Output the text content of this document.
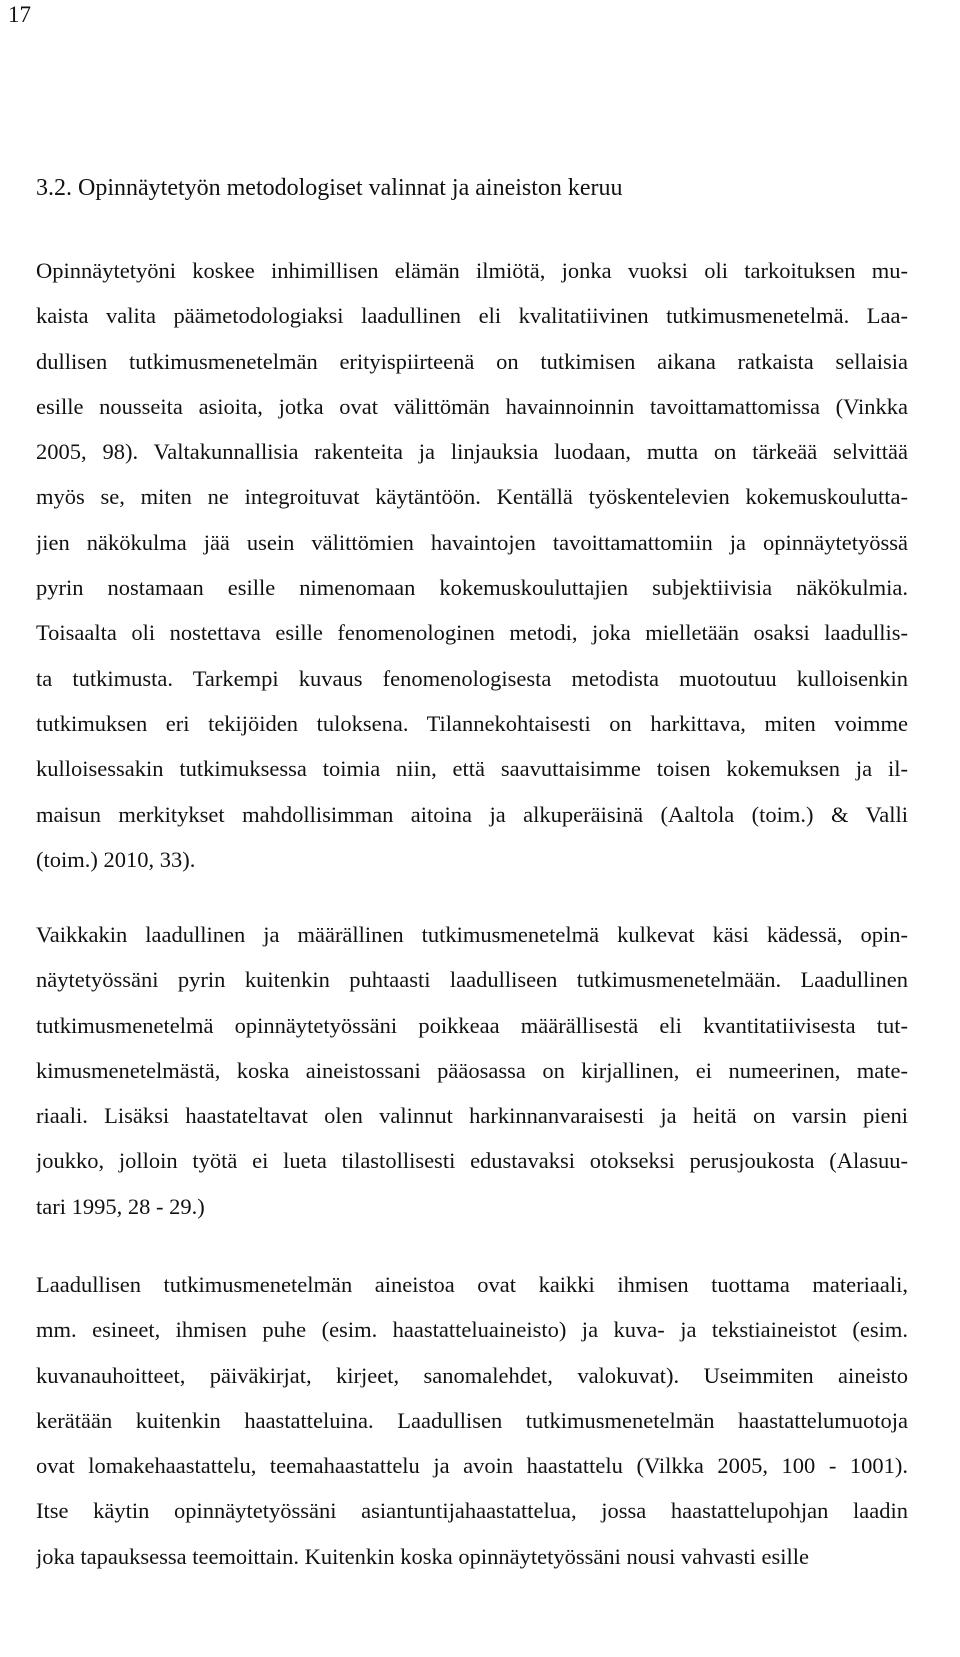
17
3.2. Opinnäytetyön metodologiset valinnat ja aineiston keruu
Opinnäytetyöni koskee inhimillisen elämän ilmiötä, jonka vuoksi oli tarkoituksen mu-
kaista valita päämetodologiaksi laadullinen eli kvalitatiivinen tutkimusmenetelmä. Laa-
dullisen tutkimusmenetelmän erityispiirteenä on tutkimisen aikana ratkaista sellaisia
esille nousseita asioita, jotka ovat välittömän havainnoinnin tavoittamattomissa (Vinkka
2005, 98). Valtakunnallisia rakenteita ja linjauksia luodaan, mutta on tärkeää selvittää
myös se, miten ne integroituvat käytäntöön. Kentällä työskentelevien kokemuskoulutta-
jien näkökulma jää usein välittömien havaintojen tavoittamattomiin ja opinnäytetyössä
pyrin nostamaan esille nimenomaan kokemuskouluttajien subjektiivisia näkökulmia.
Toisaalta oli nostettava esille fenomenologinen metodi, joka mielletään osaksi laadullis-
ta tutkimusta. Tarkempi kuvaus fenomenologisesta metodista muotoutuu kulloisenkin
tutkimuksen eri tekijöiden tuloksena. Tilannekohtaisesti on harkittava, miten voimme
kulloisessakin tutkimuksessa toimia niin, että saavuttaisimme toisen kokemuksen ja il-
maisun merkitykset mahdollisimman aitoina ja alkuperäisinä (Aaltola (toim.) & Valli
(toim.) 2010, 33).
Vaikkakin laadullinen ja määrällinen tutkimusmenetelmä kulkevat käsi kädessä, opin-
näytetyössäni pyrin kuitenkin puhtaasti laadulliseen tutkimusmenetelmään. Laadullinen
tutkimusmenetelmä opinnäytetyössäni poikkeaa määrällisestä eli kvantitatiivisesta tut-
kimusmenetelmästä, koska aineistossani pääosassa on kirjallinen, ei numeerinen, mate-
riaali. Lisäksi haastateltavat olen valinnut harkinnanvaraisesti ja heitä on varsin pieni
joukko, jolloin työtä ei lueta tilastollisesti edustavaksi otokseksi perusjoukosta (Alasuu-
tari 1995, 28 - 29.)
Laadullisen tutkimusmenetelmän aineistoa ovat kaikki ihmisen tuottama materiaali,
mm. esineet, ihmisen puhe (esim. haastatteluaineisto) ja kuva- ja tekstiaineistot (esim.
kuvanauhoitteet, päiväkirjat, kirjeet, sanomalehdet, valokuvat). Useimmiten aineisto
kerätään kuitenkin haastatteluina. Laadullisen tutkimusmenetelmän haastattelumuotoja
ovat lomakehaastattelu, teemahaastattelu ja avoin haastattelu (Vilkka 2005, 100 - 1001).
Itse käytin opinnäytetyössäni asiantuntijahaastattelua, jossa haastattelupohjan laadin
joka tapauksessa teemoittain. Kuitenkin koska opinnäytetyössäni nousi vahvasti esille
